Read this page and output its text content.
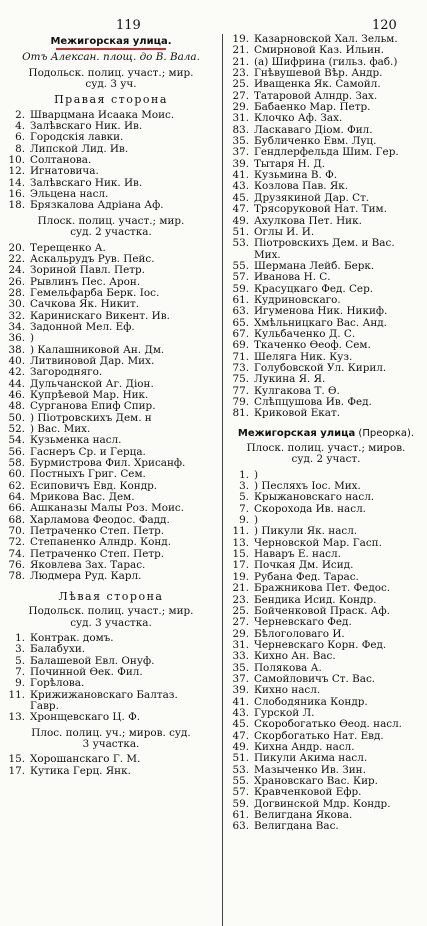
119	120
Межигорская улица.
Отъ Алексан. площ. до В. Вала.
Подольск. полиц. участ.; мир.
суд. 3 уч.
Правая сторона
2. Шварцмана Исаака Моис.
4. Залѣвскаго Ник. Ив.
6. Городскія лавки.
8. Липской Лид. Ив.
10. Солтанова.
12. Игнатовича.
14. Залѣвскаго Ник. Ив.
16. Эльцена насл.
18. Брязкалова Адріана Аф.
Плоск. полиц. участ.; мир.
суд. 2 участка.
20. Терещенко А.
22. Аскальрудъ Рув. Пейс.
24. Зориной Павл. Петр.
26. Рывлинъ Пес. Арон.
28. Гемельфарба Берк. Іос.
30. Сачкова Як. Никит.
32. Каринискаго Викент. Ив.
34. Задонной Мел. Еф.
36. )
38. ) Калашниковой Ан. Дм.
40. Литвиновой Дар. Мих.
42. Загородняго.
44. Дульчанской Аг. Діон.
46. Купрѣевой Мар. Ник.
48. Сургановa Епиф Спир.
50. ) Піотровскихъ Дем. н
52. ) Вас. Мих.
54. Кузьменка насл.
56. Гаснеръ Ср. и Герца.
58. Бурмистрова Фил. Хрисанф.
60. Постныхъ Григ. Сем.
62. Есиповичъ Евд. Кондр.
64. Мрикова Вас. Дем.
66. Ашканазы Малы Роз. Моис.
68. Харламова Феодос. Фадд.
70. Петраченко Степ. Петр.
72. Степаненко Алндр. Конд.
74. Петраченко Степ. Петр.
76. Яковлева Зах. Тарас.
78. Людмера Руд. Карл.
Лѣвая сторона
Подольск. полиц. участ.; мир.
суд. 3 участка.
1. Контрак. домъ.
3. Балабухи.
5. Балашевой Евл. Онуф.
7. Починной Ѳек. Фил.
9. Горѣлова.
11. Крижижановскаго Балтаз.
Гавр.
13. Хронщевскаго Ц. Ф.
Плос. полиц. уч.; миров. суд.
3 участка.
15. Хорошанскаго Г. М.
17. Кутика Герц. Янк.
19. Казарновской Хал. Зельм.
21. Смирновой Каз. Ильин.
21. (а) Шифрина (гильз. фаб.)
23. Гнѣвушевой Вѣр. Андр.
25. Иващенка Як. Самойл.
27. Татаровой Алндр. Зах.
29. Бабаенко Мар. Петр.
31. Клочко Аф. Зах.
83. Ласкаваго Діом. Фил.
35. Бубличенко Евм. Луц.
37. Гендлерфельда Шим. Гер.
39. Тытаря Н. Д.
41. Кузьмина В. Ф.
43. Козлова Пав. Як.
45. Друзякиной Дар. Ст.
47. Трясоруковой Нат. Тим.
49. Ахулкова Пет. Ник.
51. Оглы И. И.
53. Піотровскихъ Дем. и Вас.
Мих.
55. Шермана Лейб. Берк.
57. Ивановa Н. С.
59. Красуцкаго Фед. Сер.
61. Кудриновскаго.
63. Игуменова Ник. Никиф.
65. Хмѣльницкаго Вас. Анд.
67. Кульбаченко Д. С.
69. Ткаченко Ѳеоф. Сем.
71. Шеляга Ник. Куз.
73. Голубовской Ул. Кирил.
75. Лукина Я. Я.
77. Кулгакова Т. Ѳ.
79. Слѣпцушова Ив. Фед.
81. Криковой Екат.
Межигорская улица (Преорка).
Плоск. полиц. участ.; миров.
суд. 2 участ.
1. )
3. ) Песляхъ Іос. Мих.
5. Крыжановскаго насл.
7. Скорохода Ив. насл.
9. )
11. ) Пикули Як. насл.
13. Черновской Мар. Гасп.
15. Наваръ Е. насл.
17. Почкая Дм. Исид.
19. Рубана Фед. Тарас.
21. Бражникова Пет. Федос.
23. Бендика Исид. Кондр.
25. Бойченковой Праск. Аф.
27. Черневскаго Фед.
29. Бѣлоголоваго И.
31. Черневскаго Корн. Фед.
33. Кихно Ан. Вас.
35. Полякова А.
37. Самойловичъ Ст. Вас.
39. Кихно насл.
41. Слободяника Кондр.
43. Гурской Л.
45. Скоробогатько Ѳеод. насл.
47. Скорбогатько Нат. Евд.
49. Кихна Андр. насл.
51. Пикули Акима насл.
53. Мазыченко Ив. Зин.
55. Храновскаго Вас. Кир.
57. Кравченковой Ефр.
59. Догвинской Мдр. Кондр.
61. Велигдана Якова.
63. Велигдана Вас.
